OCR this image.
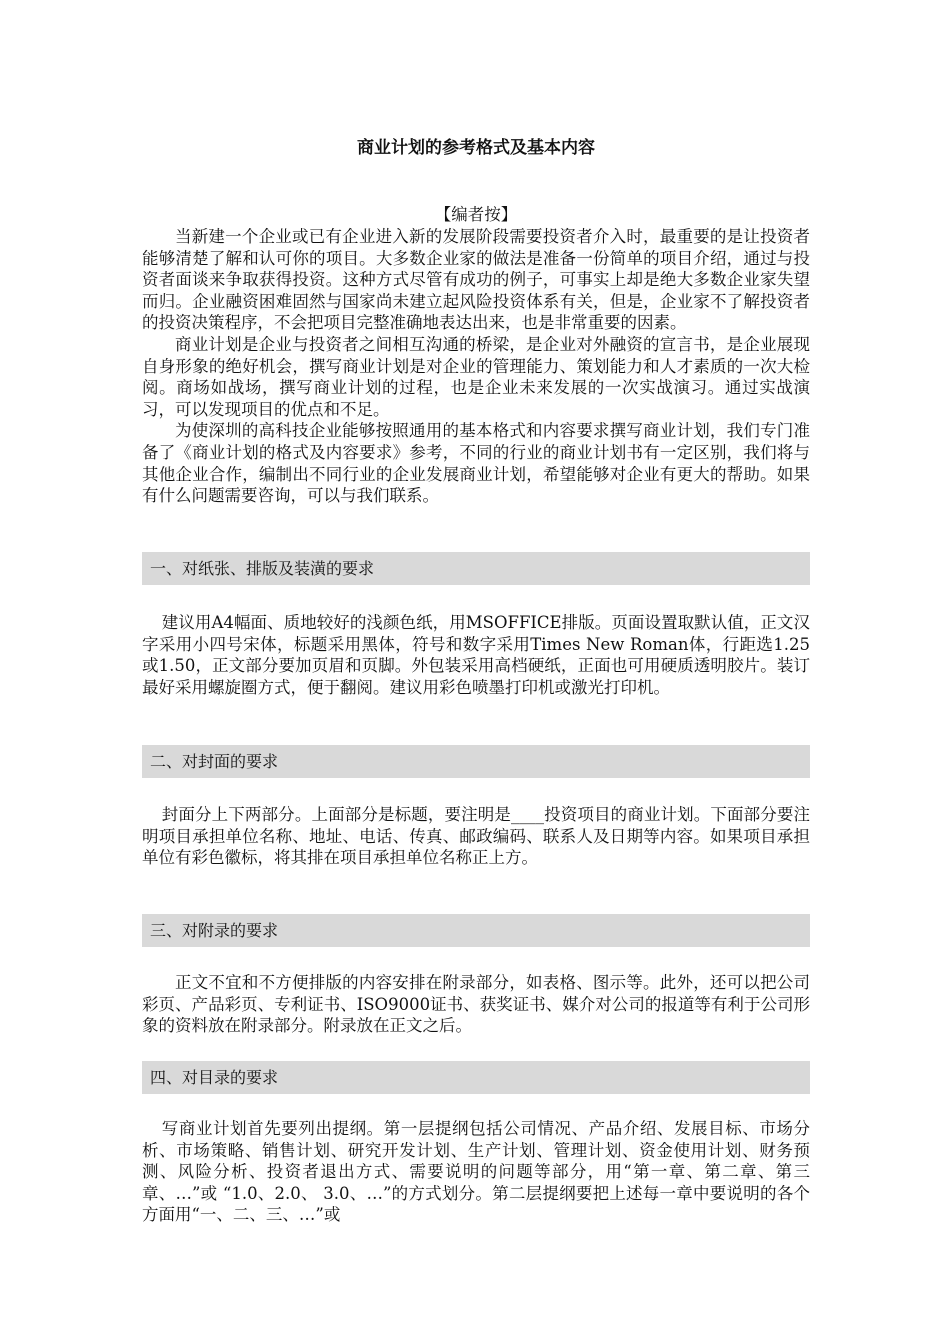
商业计划的参考格式及基本内容
【编者按】

当新建一个企业或已有企业进入新的发展阶段需要投资者介入时，最重要的是让投资者能够清楚了解和认可你的项目。大多数企业家的做法是准备一份简单的项目介绍，通过与投资者面谈来争取获得投资。这种方式尽管有成功的例子，可事实上却是绝大多数企业家失望而归。企业融资困难固然与国家尚未建立起风险投资体系有关，但是，企业家不了解投资者的投资决策程序，不会把项目完整准确地表达出来，也是非常重要的因素。

商业计划是企业与投资者之间相互沟通的桥梁，是企业对外融资的宣言书，是企业展现自身形象的绝好机会，撰写商业计划是对企业的管理能力、策划能力和人才素质的一次大检阅。商场如战场，撰写商业计划的过程，也是企业未来发展的一次实战演习。通过实战演习，可以发现项目的优点和不足。

为使深圳的高科技企业能够按照通用的基本格式和内容要求撰写商业计划，我们专门准备了《商业计划的格式及内容要求》参考，不同的行业的商业计划书有一定区别，我们将与其他企业合作，编制出不同行业的企业发展商业计划，希望能够对企业有更大的帮助。如果有什么问题需要咨询，可以与我们联系。

一、对纸张、排版及装潢的要求

建议用A4幅面、质地较好的浅颜色纸，用MSOFFICE排版。页面设置取默认值，正文汉字采用小四号宋体，标题采用黑体，符号和数字采用Times New Roman体，行距选1.25或1.50，正文部分要加页眉和页脚。外包装采用高档硬纸，正面也可用硬质透明胶片。装订最好采用螺旋圈方式，便于翻阅。建议用彩色喷墨打印机或激光打印机。

二、对封面的要求

封面分上下两部分。上面部分是标题，要注明是____投资项目的商业计划。下面部分要注明项目承担单位名称、地址、电话、传真、邮政编码、联系人及日期等内容。如果项目承担单位有彩色徽标，将其排在项目承担单位名称正上方。

三、对附录的要求

正文不宜和不方便排版的内容安排在附录部分，如表格、图示等。此外，还可以把公司彩页、产品彩页、专利证书、ISO9000证书、获奖证书、媒介对公司的报道等有利于公司形象的资料放在附录部分。附录放在正文之后。

四、对目录的要求

写商业计划首先要列出提纲。第一层提纲包括公司情况、产品介绍、发展目标、市场分析、市场策略、销售计划、研究开发计划、生产计划、管理计划、资金使用计划、财务预测、风险分析、投资者退出方式、需要说明的问题等部分，用“第一章、第二章、第三章、…”或 “1.0、2.0、 3.0、…”的方式划分。第二层提纲要把上述每一章中要说明的各个方面用“一、二、三、…”或
